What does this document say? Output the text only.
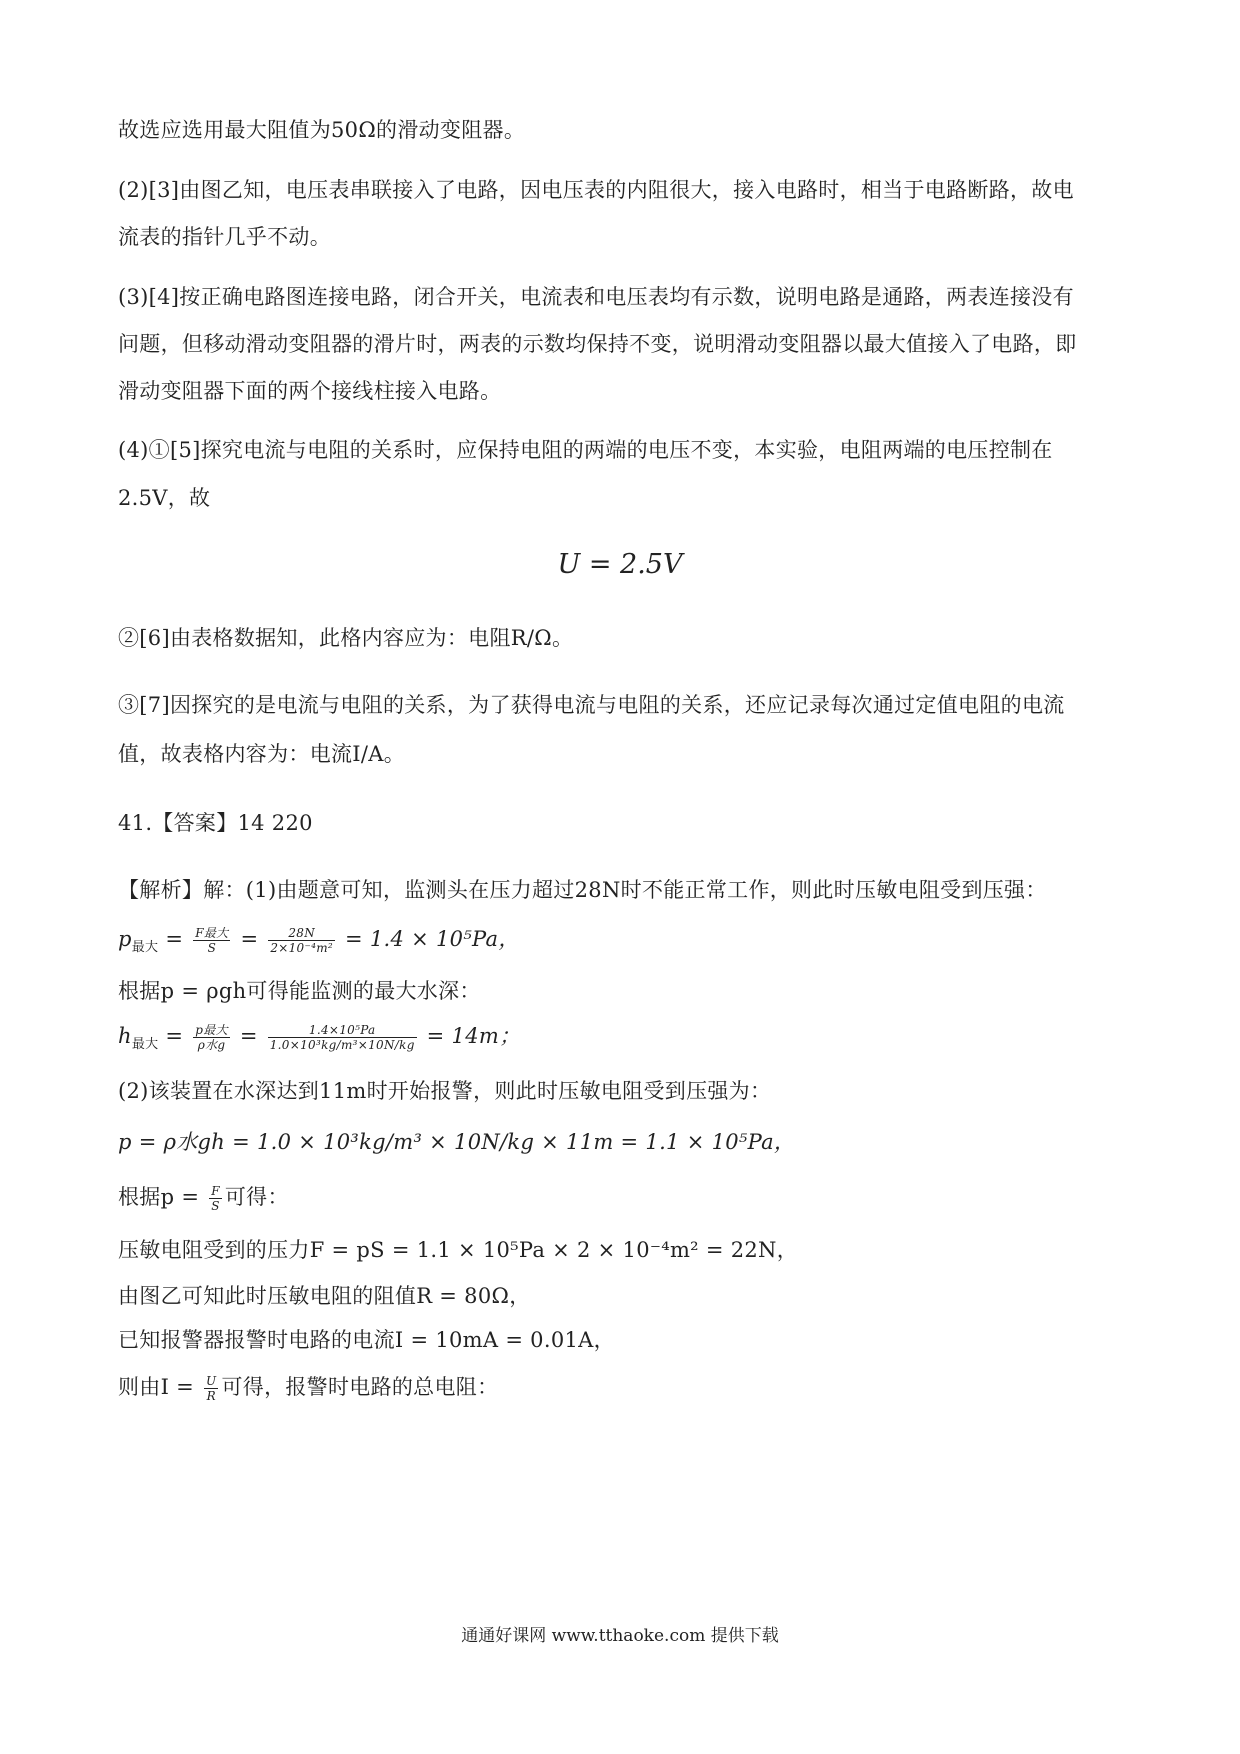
故选应选用最大阻值为50Ω的滑动变阻器。
(2)[3]由图乙知，电压表串联接入了电路，因电压表的内阻很大，接入电路时，相当于电路断路，故电
流表的指针几乎不动。
(3)[4]按正确电路图连接电路，闭合开关，电流表和电压表均有示数，说明电路是通路，两表连接没有
问题，但移动滑动变阻器的滑片时，两表的示数均保持不变，说明滑动变阻器以最大值接入了电路，即
滑动变阻器下面的两个接线柱接入电路。
(4)①[5]探究电流与电阻的关系时，应保持电阻的两端的电压不变，本实验，电阻两端的电压控制在
2.5V，故
U = 2.5V
②[6]由表格数据知，此格内容应为：电阻R/Ω。
③[7]因探究的是电流与电阻的关系，为了获得电流与电阻的关系，还应记录每次通过定值电阻的电流
值，故表格内容为：电流I/A。
41.【答案】14 220
【解析】解：(1)由题意可知，监测头在压力超过28N时不能正常工作，则此时压敏电阻受到压强：
$p_{最大} = \frac{\text{F最大}}{S} = \frac{28N}{\text{2×10⁻⁴m²}} = 1.4 \times 10^5Pa$，
根据p = ρgh可得能监测的最大水深：
$h_{最大} = \frac{\text{p最大}}{\text{ρ水g}} = \frac{\text{1.4×10⁵Pa}}{\text{1.0×10³kg/m³×10N/kg}} = 14m$；
(2)该装置在水深达到11m时开始报警，则此时压敏电阻受到压强为：
p = ρ水gh = 1.0 × 10³kg/m³ × 10N/kg × 11m = 1.1 × 10⁵Pa，
根据$p = \frac{F}{S}$ 可得：
压敏电阻受到的压力F = pS = 1.1 × 10⁵Pa × 2 × 10⁻⁴m² = 22N，
由图乙可知此时压敏电阻的阻值R = 80Ω，
已知报警器报警时电路的电流I = 10mA = 0.01A，
则由$I = \frac{U}{R}$ 可得，报警时电路的总电阻：
通通好课网 www.tthaoke.com 提供下载
